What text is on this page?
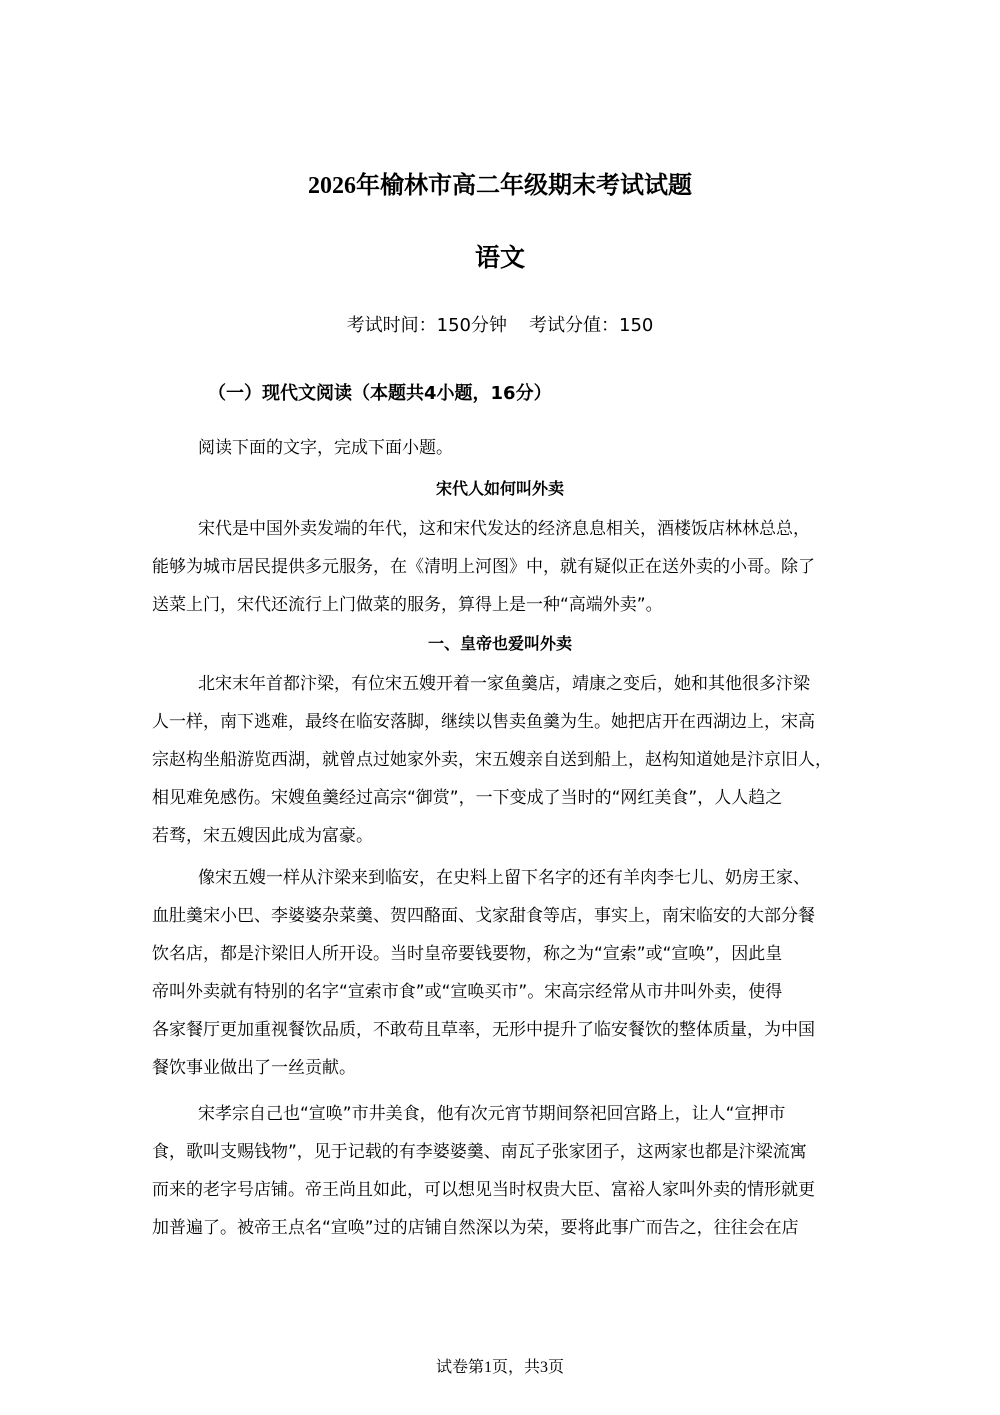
2026年榆林市高二年级期末考试试题
语文
考试时间：150分钟 考试分值：150
（一）现代文阅读（本题共4小题，16分）
阅读下面的文字，完成下面小题。
宋代人如何叫外卖
宋代是中国外卖发端的年代，这和宋代发达的经济息息相关，酒楼饭店林林总总，
能够为城市居民提供多元服务，在《清明上河图》中，就有疑似正在送外卖的小哥。除了
送菜上门，宋代还流行上门做菜的服务，算得上是一种“高端外卖”。
一、皇帝也爱叫外卖
北宋末年首都汴梁，有位宋五嫂开着一家鱼羹店，靖康之变后，她和其他很多汴梁
人一样，南下逃难，最终在临安落脚，继续以售卖鱼羹为生。她把店开在西湖边上，宋高
宗赵构坐船游览西湖，就曾点过她家外卖，宋五嫂亲自送到船上，赵构知道她是汴京旧人，
相见难免感伤。宋嫂鱼羹经过高宗“御赏”，一下变成了当时的“网红美食”，人人趋之
若骛，宋五嫂因此成为富豪。
像宋五嫂一样从汴梁来到临安，在史料上留下名字的还有羊肉李七儿、奶房王家、
血肚羹宋小巴、李婆婆杂菜羹、贺四酪面、戈家甜食等店，事实上，南宋临安的大部分餐
饮名店，都是汴梁旧人所开设。当时皇帝要钱要物，称之为“宣索”或“宣唤”，因此皇
帝叫外卖就有特别的名字“宣索市食”或“宣唤买市”。宋高宗经常从市井叫外卖，使得
各家餐厅更加重视餐饮品质，不敢苟且草率，无形中提升了临安餐饮的整体质量，为中国
餐饮事业做出了一丝贡献。
宋孝宗自己也“宣唤”市井美食，他有次元宵节期间祭祀回宫路上，让人“宣押市
食，歌叫支赐钱物”，见于记载的有李婆婆羹、南瓦子张家团子，这两家也都是汴梁流寓
而来的老字号店铺。帝王尚且如此，可以想见当时权贵大臣、富裕人家叫外卖的情形就更
加普遍了。被帝王点名“宣唤”过的店铺自然深以为荣，要将此事广而告之，往往会在店
试卷第1页，共3页
